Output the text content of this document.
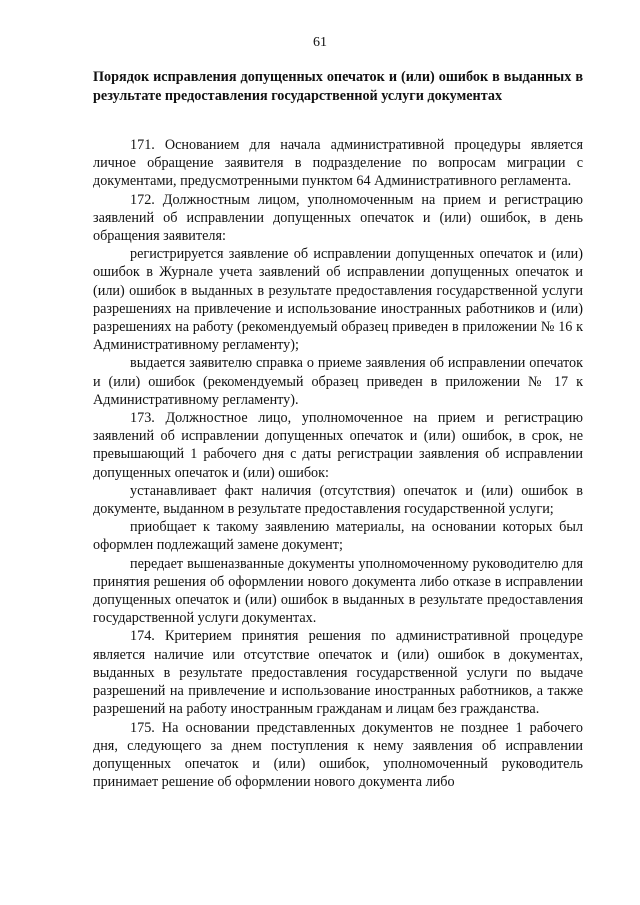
61
Порядок исправления допущенных опечаток и (или) ошибок в выданных в результате предоставления государственной услуги документах

171. Основанием для начала административной процедуры является личное обращение заявителя в подразделение по вопросам миграции с документами, предусмотренными пунктом 64 Административного регламента.

172. Должностным лицом, уполномоченным на прием и регистрацию заявлений об исправлении допущенных опечаток и (или) ошибок, в день обращения заявителя:

регистрируется заявление об исправлении допущенных опечаток и (или) ошибок в Журнале учета заявлений об исправлении допущенных опечаток и (или) ошибок в выданных в результате предоставления государственной услуги разрешениях на привлечение и использование иностранных работников и (или) разрешениях на работу (рекомендуемый образец приведен в приложении № 16 к Административному регламенту);

выдается заявителю справка о приеме заявления об исправлении опечаток и (или) ошибок (рекомендуемый образец приведен в приложении № 17 к Административному регламенту).

173. Должностное лицо, уполномоченное на прием и регистрацию заявлений об исправлении допущенных опечаток и (или) ошибок, в срок, не превышающий 1 рабочего дня с даты регистрации заявления об исправлении допущенных опечаток и (или) ошибок:

устанавливает факт наличия (отсутствия) опечаток и (или) ошибок в документе, выданном в результате предоставления государственной услуги;

приобщает к такому заявлению материалы, на основании которых был оформлен подлежащий замене документ;

передает вышеназванные документы уполномоченному руководителю для принятия решения об оформлении нового документа либо отказе в исправлении допущенных опечаток и (или) ошибок в выданных в результате предоставления государственной услуги документах.

174. Критерием принятия решения по административной процедуре является наличие или отсутствие опечаток и (или) ошибок в документах, выданных в результате предоставления государственной услуги по выдаче разрешений на привлечение и использование иностранных работников, а также разрешений на работу иностранным гражданам и лицам без гражданства.

175. На основании представленных документов не позднее 1 рабочего дня, следующего за днем поступления к нему заявления об исправлении допущенных опечаток и (или) ошибок, уполномоченный руководитель принимает решение об оформлении нового документа либо
